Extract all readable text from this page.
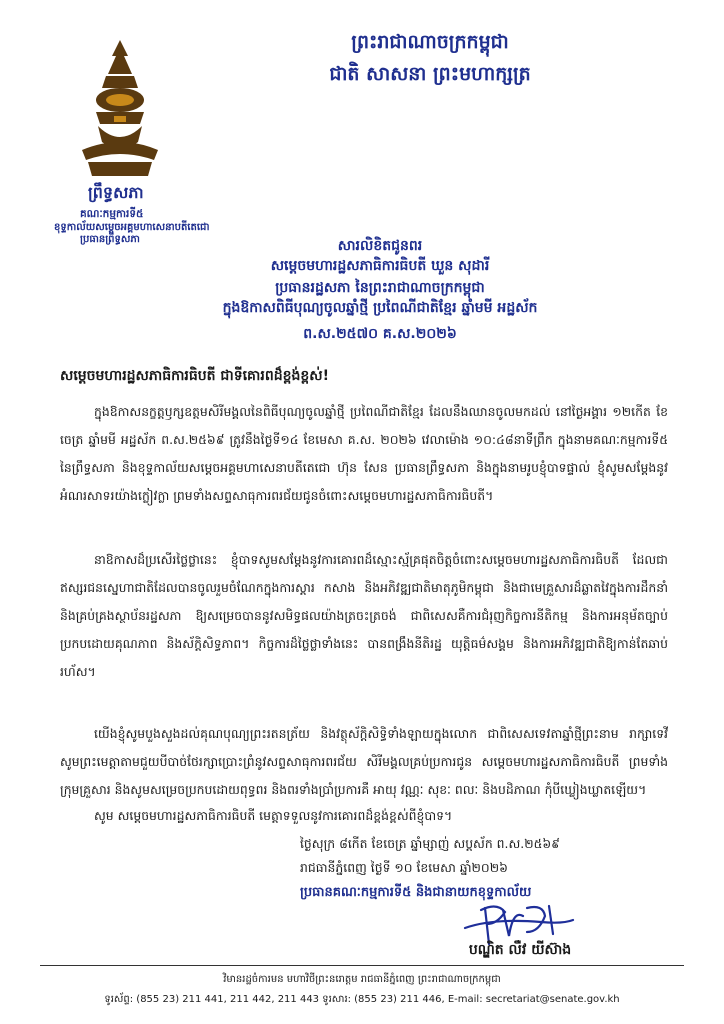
ព្រះរាជាណាចក្រកម្ពុជា
ជាតិ សាសនា ព្រះមហាក្សត្រ
ព្រឹទ្ធសភា
គណៈកម្មការទី៥
ខុទ្ទកាល័យសម្តេចអគ្គមហាសេនាបតីតេជោ
ប្រធានព្រឹទ្ធសភា	សារលិខិតជូនពរ
សម្តេចមហារដ្ឋសភាធិការធិបតី ឃួន សុដារី
ប្រធានរដ្ឋសភា នៃព្រះរាជាណាចក្រកម្ពុជា
ក្នុងឱកាសពិធីបុណ្យចូលឆ្នាំថ្មី ប្រពៃណីជាតិខ្មែរ ឆ្នាំមមី អដ្ឋស័ក
ព.ស.២៥៧០ គ.ស.២០២៦
សម្តេចមហារដ្ឋសភាធិការធិបតី ជាទីគោរពដ៏ខ្ពង់ខ្ពស់!
ក្នុងឱកាសនក្ខត្តឫក្សឧត្តមសិរីមង្គលនៃពិធីបុណ្យចូលឆ្នាំថ្មី ប្រពៃណីជាតិខ្មែរ ដែលនឹងឈានចូលមកដល់ នៅថ្ងៃអង្គារ ១២កើត ខែចេត្រ ឆ្នាំមមី អដ្ឋស័ក ព.ស.២៥៦៩ ត្រូវនឹងថ្ងៃទី១៤ ខែមេសា គ.ស. ២០២៦ វេលាម៉ោង ១០:៤៨នាទីព្រឹក ក្នុងនាមគណៈកម្មការទី៥ នៃព្រឹទ្ធសភា និងខុទ្ទកាល័យសម្តេចអគ្គមហាសេនាបតីតេជោ ហ៊ុន សែន ប្រធានព្រឹទ្ធសភា និងក្នុងនាមរូបខ្ញុំបាទផ្ទាល់ ខ្ញុំសូមសម្តែងនូវអំណរសាទរយ៉ាងក្លៀវក្លា ព្រមទាំងសព្ទសាធុការពរជ័យជូនចំពោះសម្តេចមហារដ្ឋសភាធិការធិបតី។
នាឱកាសដ៏ប្រសើរថ្លៃថ្លានេះ ខ្ញុំបាទសូមសម្តែងនូវការគោរពដ៏ស្មោះស្ម័គ្រផុតចិត្តចំពោះសម្តេចមហារដ្ឋសភាធិការធិបតី ដែលជាឥស្សរជនស្នេហាជាតិដែលបានចូលរួមចំណែកក្នុងការស្តារ កសាង និងអភិវឌ្ឍជាតិមាតុភូមិកម្ពុជា និងជាមេគ្រួសារដ៏ឆ្លាតវៃក្នុងការដឹកនាំនិងគ្រប់គ្រងស្ថាប័នរដ្ឋសភា ឱ្យសម្រេចបាននូវសមិទ្ធផលយ៉ាងត្រចះត្រចង់ ជាពិសេសគឺការជំរុញកិច្ចការនីតិកម្ម និងការអនុម័តច្បាប់ប្រកបដោយគុណភាព និងស័ក្តិសិទ្ធភាព។ កិច្ចការដ៏ថ្លៃថ្លាទាំងនេះ បានពង្រឹងនីតិរដ្ឋ យុត្តិធម៌សង្គម និងការអភិវឌ្ឍជាតិឱ្យកាន់តែឆាប់រហ័ស។
យើងខ្ញុំសូមបួងសួងដល់គុណបុណ្យព្រះរតនត្រ័យ និងវត្ថុស័ក្តិសិទ្ធិទាំងឡាយក្នុងលោក ជាពិសេសទេវតាឆ្នាំថ្មីព្រះនាម រាក្សាទេវី សូមព្រះមេត្តាតាមជួយបីបាច់ថែរក្សាប្រោះព្រំនូវសព្ទសាធុការពរជ័យ សិរីមង្គលគ្រប់ប្រការជូន សម្តេចមហារដ្ឋសភាធិការធិបតី ព្រមទាំងក្រុមគ្រួសារ និងសូមសម្រេចប្រកបដោយពុទ្ធពរ និងពរទាំងប្រាំប្រការគឺ អាយុ វណ្ណៈ សុខៈ ពលៈ និងបដិភាណ កុំបីឃ្លៀងឃ្លាតឡើយ។
សូម សម្តេចមហារដ្ឋសភាធិការធិបតី មេត្តាទទួលនូវការគោរពដ៏ខ្ពង់ខ្ពស់ពីខ្ញុំបាទ។
ថ្ងៃសុក្រ ៨កើត ខែចេត្រ ឆ្នាំម្សាញ់ សប្តស័ក ព.ស.២៥៦៩
រាជធានីភ្នំពេញ ថ្ងៃទី ១០ ខែមេសា ឆ្នាំ២០២៦
ប្រធានគណៈកម្មការទី៥ និងជានាយកខុទ្ទកាល័យ
បណ្ឌិត លឺវ យីស៊ាង
វិមានរដ្ឋចំការមន មហាវិថីព្រះនរោត្តម រាជធានីភ្នំពេញ ព្រះរាជាណាចក្រកម្ពុជា
ទូរស័ព្ទ: (855 23) 211 441, 211 442, 211 443 ទូរសារ: (855 23) 211 446, E-mail: secretariat@senate.gov.kh
